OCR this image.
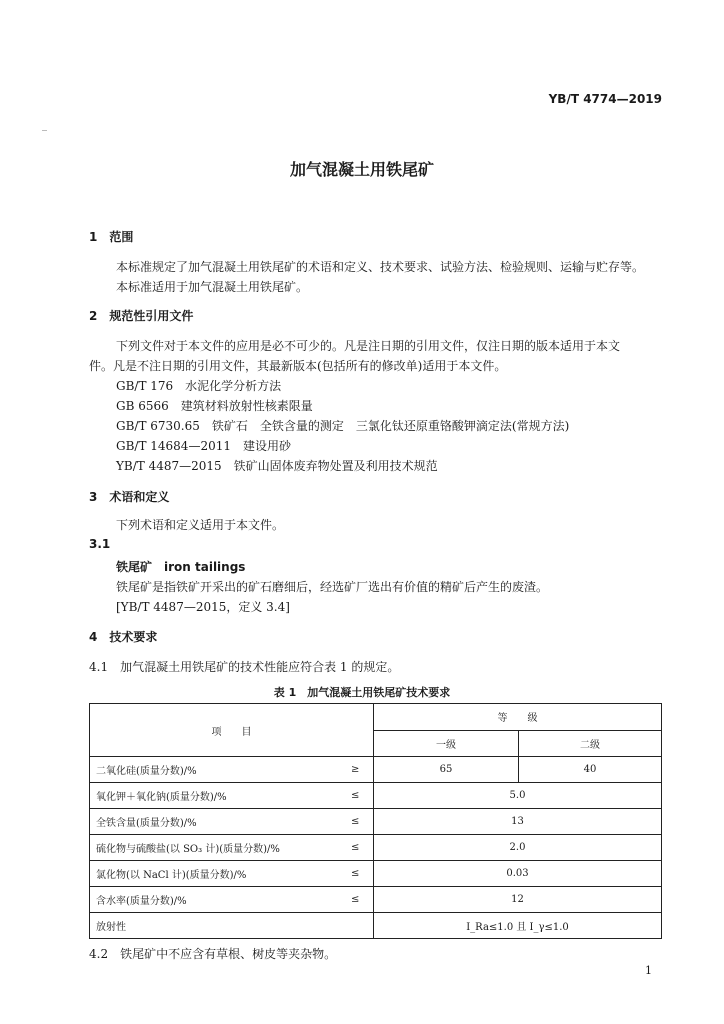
YB/T 4774—2019
加气混凝土用铁尾矿
1　范围
本标准规定了加气混凝土用铁尾矿的术语和定义、技术要求、试验方法、检验规则、运输与贮存等。
本标准适用于加气混凝土用铁尾矿。
2　规范性引用文件
下列文件对于本文件的应用是必不可少的。凡是注日期的引用文件，仅注日期的版本适用于本文
件。凡是不注日期的引用文件，其最新版本(包括所有的修改单)适用于本文件。
GB/T 176　水泥化学分析方法
GB 6566　建筑材料放射性核素限量
GB/T 6730.65　铁矿石　全铁含量的测定　三氯化钛还原重铬酸钾滴定法(常规方法)
GB/T 14684—2011　建设用砂
YB/T 4487—2015　铁矿山固体废弃物处置及利用技术规范
3　术语和定义
下列术语和定义适用于本文件。
3.1
铁尾矿　iron tailings
铁尾矿是指铁矿开采出的矿石磨细后，经选矿厂选出有价值的精矿后产生的废渣。
[YB/T 4487—2015，定义 3.4]
4　技术要求
4.1　加气混凝土用铁尾矿的技术性能应符合表 1 的规定。
表 1　加气混凝土用铁尾矿技术要求
项　　目		等　　级	
		一级	二级
二氧化硅(质量分数)/%	≥	65	40
氧化钾＋氧化钠(质量分数)/%	≤	5.0	
全铁含量(质量分数)/%	≤	13	
硫化物与硫酸盐(以 SO₃ 计)(质量分数)/%	≤	2.0	
氯化物(以 NaCl 计)(质量分数)/%	≤	0.03	
含水率(质量分数)/%	≤	12	
放射性		I_Ra≤1.0 且 I_γ≤1.0	
4.2　铁尾矿中不应含有草根、树皮等夹杂物。
1
